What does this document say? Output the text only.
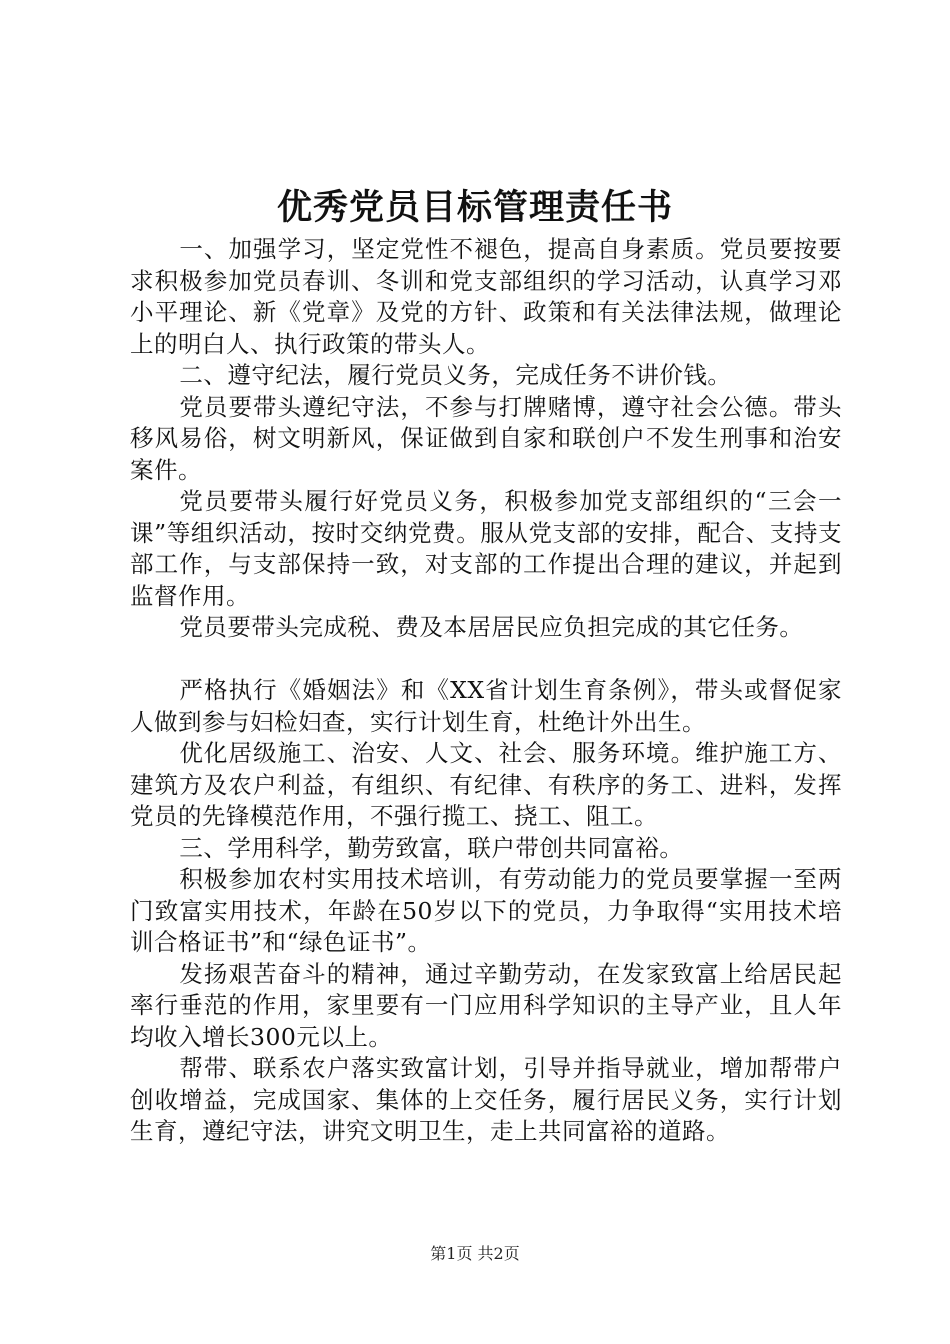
优秀党员目标管理责任书

一、加强学习，坚定党性不褪色，提高自身素质。党员要按要求积极参加党员春训、冬训和党支部组织的学习活动，认真学习邓小平理论、新《党章》及党的方针、政策和有关法律法规，做理论上的明白人、执行政策的带头人。

二、遵守纪法，履行党员义务，完成任务不讲价钱。

党员要带头遵纪守法，不参与打牌赌博，遵守社会公德。带头移风易俗，树文明新风，保证做到自家和联创户不发生刑事和治安案件。

党员要带头履行好党员义务，积极参加党支部组织的“三会一课”等组织活动，按时交纳党费。服从党支部的安排，配合、支持支部工作，与支部保持一致，对支部的工作提出合理的建议，并起到监督作用。

党员要带头完成税、费及本居居民应负担完成的其它任务。

严格执行《婚姻法》和《XX省计划生育条例》，带头或督促家人做到参与妇检妇查，实行计划生育，杜绝计外出生。

优化居级施工、治安、人文、社会、服务环境。维护施工方、建筑方及农户利益，有组织、有纪律、有秩序的务工、进料，发挥党员的先锋模范作用，不强行揽工、挠工、阻工。

三、学用科学，勤劳致富，联户带创共同富裕。

积极参加农村实用技术培训，有劳动能力的党员要掌握一至两门致富实用技术，年龄在50岁以下的党员，力争取得“实用技术培训合格证书”和“绿色证书”。

发扬艰苦奋斗的精神，通过辛勤劳动，在发家致富上给居民起率行垂范的作用，家里要有一门应用科学知识的主导产业，且人年均收入增长300元以上。

帮带、联系农户落实致富计划，引导并指导就业，增加帮带户创收增益，完成国家、集体的上交任务，履行居民义务，实行计划生育，遵纪守法，讲究文明卫生，走上共同富裕的道路。

第1页 共2页
